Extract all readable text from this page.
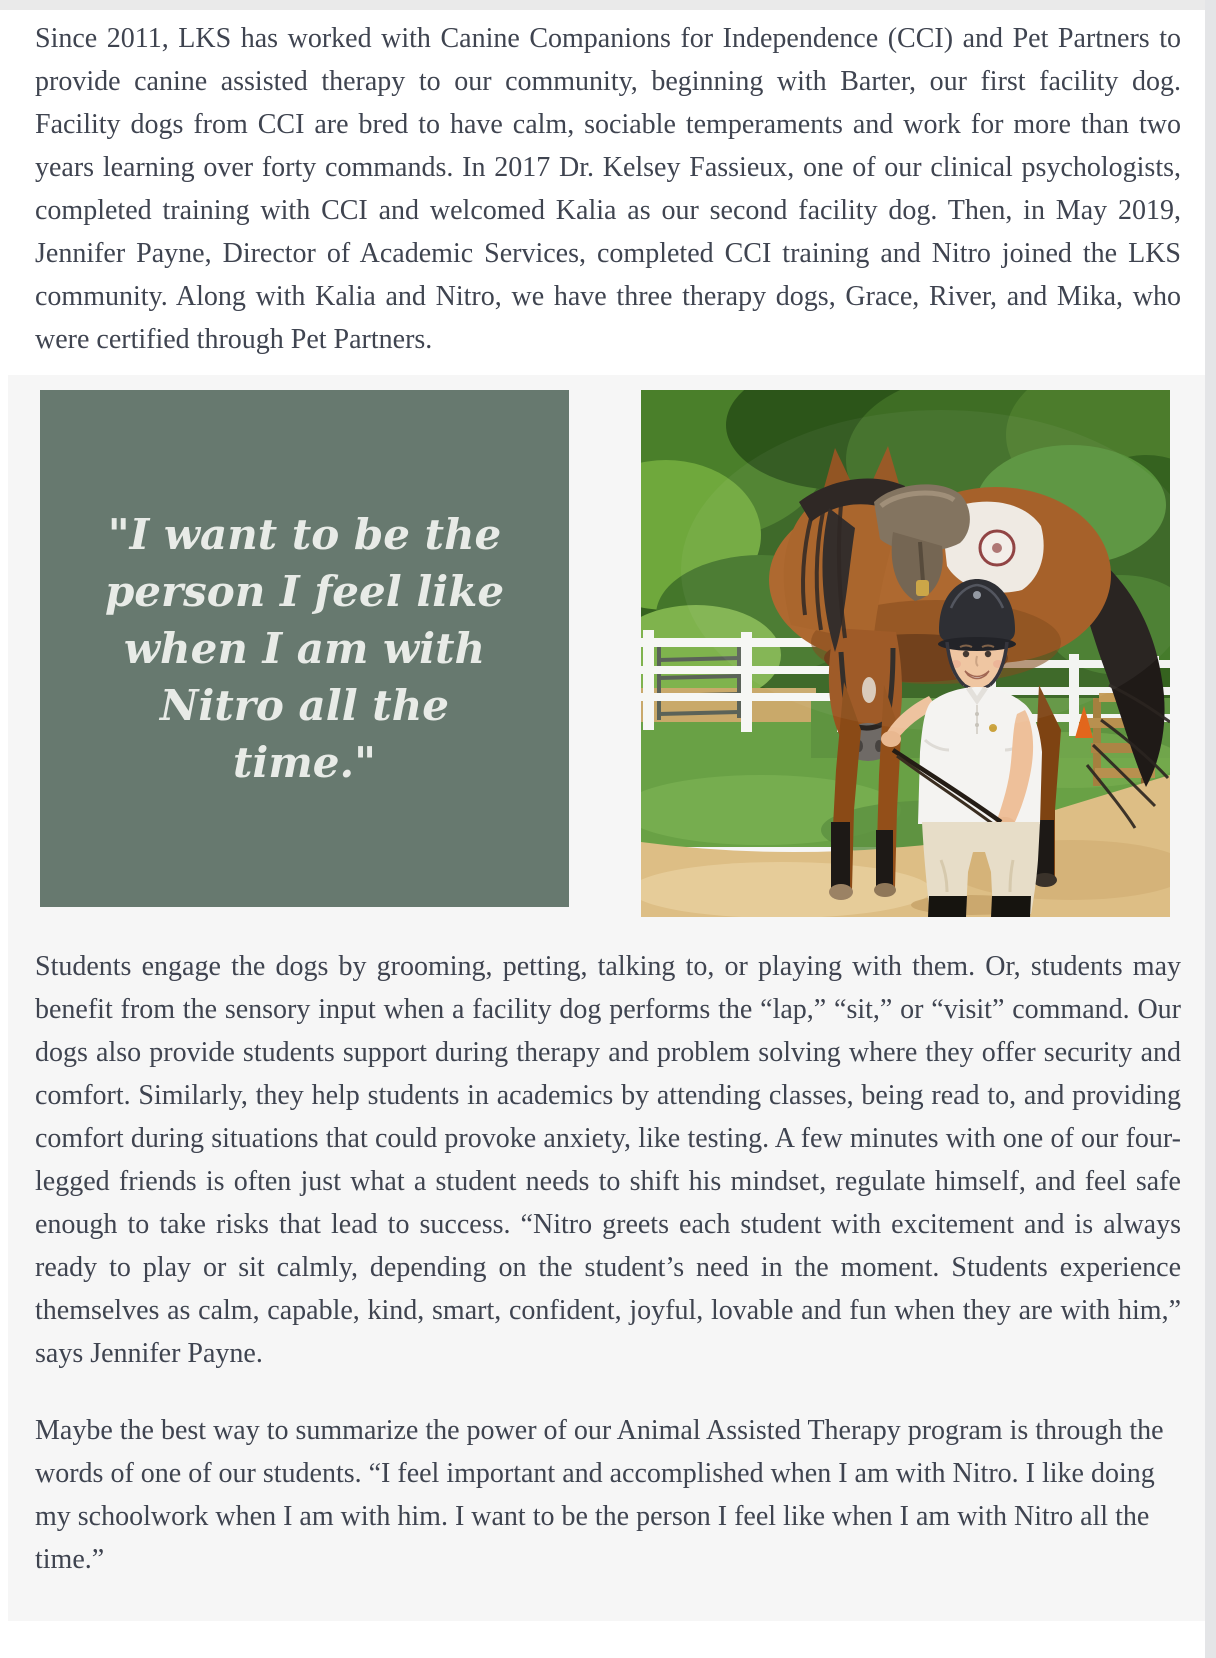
Since 2011, LKS has worked with Canine Companions for Independence (CCI) and Pet Partners to provide canine assisted therapy to our community, beginning with Barter, our first facility dog. Facility dogs from CCI are bred to have calm, sociable temperaments and work for more than two years learning over forty commands. In 2017 Dr. Kelsey Fassieux, one of our clinical psychologists, completed training with CCI and welcomed Kalia as our second facility dog. Then, in May 2019, Jennifer Payne, Director of Academic Services, completed CCI training and Nitro joined the LKS community. Along with Kalia and Nitro, we have three therapy dogs, Grace, River, and Mika, who were certified through Pet Partners.

"I want to be the
person I feel like
when I am with
Nitro all the
time."

Students engage the dogs by grooming, petting, talking to, or playing with them. Or, students may benefit from the sensory input when a facility dog performs the “lap,” “sit,” or “visit” command. Our dogs also provide students support during therapy and problem solving where they offer security and comfort. Similarly, they help students in academics by attending classes, being read to, and providing comfort during situations that could provoke anxiety, like testing. A few minutes with one of our four-legged friends is often just what a student needs to shift his mindset, regulate himself, and feel safe enough to take risks that lead to success. “Nitro greets each student with excitement and is always ready to play or sit calmly, depending on the student’s need in the moment. Students experience themselves as calm, capable, kind, smart, confident, joyful, lovable and fun when they are with him,” says Jennifer Payne.

Maybe the best way to summarize the power of our Animal Assisted Therapy program is through the words of one of our students. “I feel important and accomplished when I am with Nitro. I like doing my schoolwork when I am with him. I want to be the person I feel like when I am with Nitro all the time.”
